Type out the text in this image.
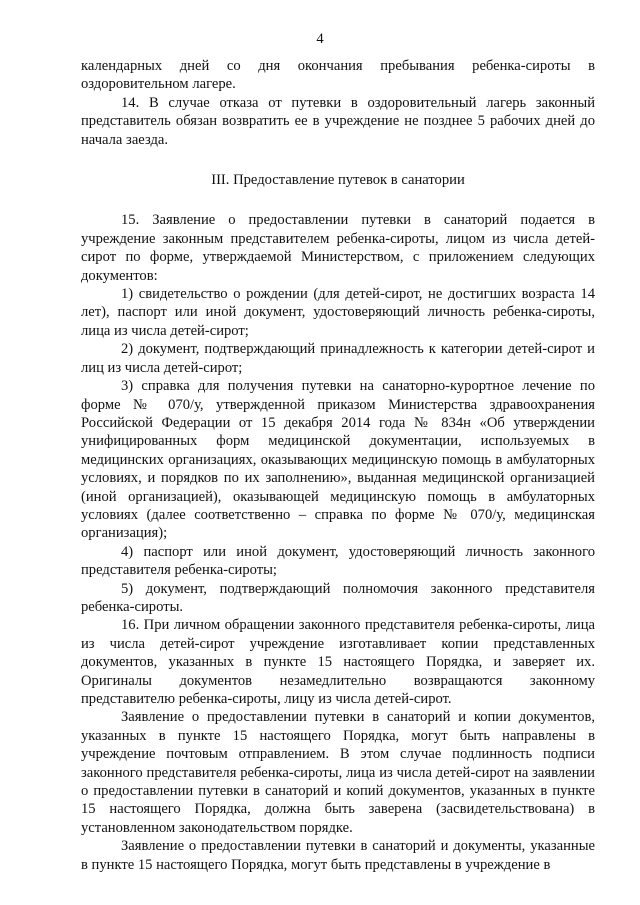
4

календарных дней со дня окончания пребывания ребенка-сироты в оздоровительном лагере.

14. В случае отказа от путевки в оздоровительный лагерь законный представитель обязан возвратить ее в учреждение не позднее 5 рабочих дней до начала заезда.

III. Предоставление путевок в санатории

15. Заявление о предоставлении путевки в санаторий подается в учреждение законным представителем ребенка-сироты, лицом из числа детей-сирот по форме, утверждаемой Министерством, с приложением следующих документов:

1) свидетельство о рождении (для детей-сирот, не достигших возраста 14 лет), паспорт или иной документ, удостоверяющий личность ребенка-сироты, лица из числа детей-сирот;

2) документ, подтверждающий принадлежность к категории детей-сирот и лиц из числа детей-сирот;

3) справка для получения путевки на санаторно-курортное лечение по форме № 070/у, утвержденной приказом Министерства здравоохранения Российской Федерации от 15 декабря 2014 года № 834н «Об утверждении унифицированных форм медицинской документации, используемых в медицинских организациях, оказывающих медицинскую помощь в амбулаторных условиях, и порядков по их заполнению», выданная медицинской организацией (иной организацией), оказывающей медицинскую помощь в амбулаторных условиях (далее соответственно – справка по форме № 070/у, медицинская организация);

4) паспорт или иной документ, удостоверяющий личность законного представителя ребенка-сироты;

5) документ, подтверждающий полномочия законного представителя ребенка-сироты.

16. При личном обращении законного представителя ребенка-сироты, лица из числа детей-сирот учреждение изготавливает копии представленных документов, указанных в пункте 15 настоящего Порядка, и заверяет их. Оригиналы документов незамедлительно возвращаются законному представителю ребенка-сироты, лицу из числа детей-сирот.

Заявление о предоставлении путевки в санаторий и копии документов, указанных в пункте 15 настоящего Порядка, могут быть направлены в учреждение почтовым отправлением. В этом случае подлинность подписи законного представителя ребенка-сироты, лица из числа детей-сирот на заявлении о предоставлении путевки в санаторий и копий документов, указанных в пункте 15 настоящего Порядка, должна быть заверена (засвидетельствована) в установленном законодательством порядке.

Заявление о предоставлении путевки в санаторий и документы, указанные в пункте 15 настоящего Порядка, могут быть представлены в учреждение в
